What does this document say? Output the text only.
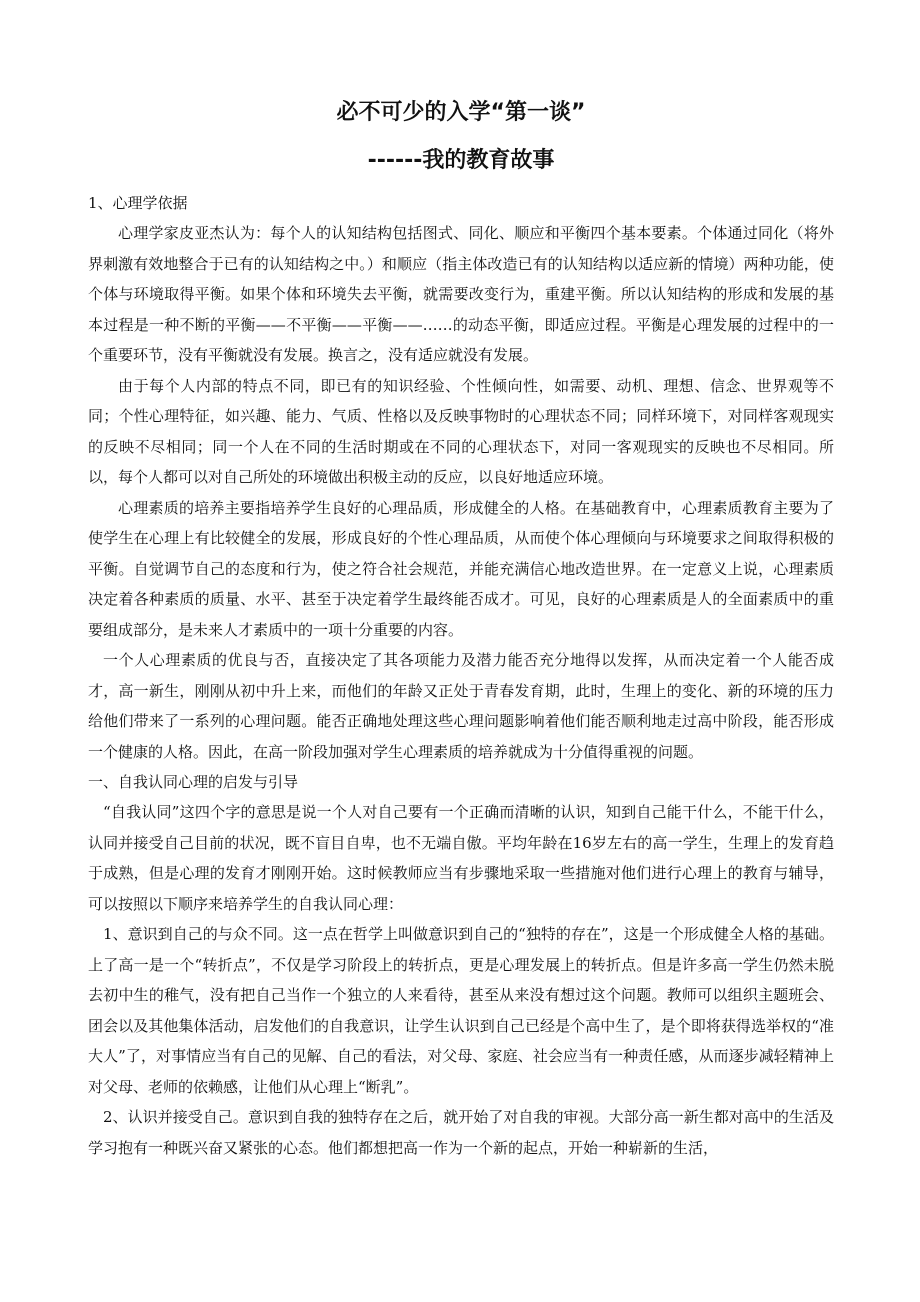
必不可少的入学“第一谈”
------我的教育故事

1、心理学依据

心理学家皮亚杰认为：每个人的认知结构包括图式、同化、顺应和平衡四个基本要素。个体通过同化（将外界刺激有效地整合于已有的认知结构之中。）和顺应（指主体改造已有的认知结构以适应新的情境）两种功能，使个体与环境取得平衡。如果个体和环境失去平衡，就需要改变行为，重建平衡。所以认知结构的形成和发展的基本过程是一种不断的平衡——不平衡——平衡——……的动态平衡，即适应过程。平衡是心理发展的过程中的一个重要环节，没有平衡就没有发展。换言之，没有适应就没有发展。

由于每个人内部的特点不同，即已有的知识经验、个性倾向性，如需要、动机、理想、信念、世界观等不同；个性心理特征，如兴趣、能力、气质、性格以及反映事物时的心理状态不同；同样环境下，对同样客观现实的反映不尽相同；同一个人在不同的生活时期或在不同的心理状态下，对同一客观现实的反映也不尽相同。所以，每个人都可以对自己所处的环境做出积极主动的反应，以良好地适应环境。

心理素质的培养主要指培养学生良好的心理品质，形成健全的人格。在基础教育中，心理素质教育主要为了使学生在心理上有比较健全的发展，形成良好的个性心理品质，从而使个体心理倾向与环境要求之间取得积极的平衡。自觉调节自己的态度和行为，使之符合社会规范，并能充满信心地改造世界。在一定意义上说，心理素质决定着各种素质的质量、水平、甚至于决定着学生最终能否成才。可见，良好的心理素质是人的全面素质中的重要组成部分，是未来人才素质中的一项十分重要的内容。

一个人心理素质的优良与否，直接决定了其各项能力及潜力能否充分地得以发挥，从而决定着一个人能否成才，高一新生，刚刚从初中升上来，而他们的年龄又正处于青春发育期，此时，生理上的变化、新的环境的压力给他们带来了一系列的心理问题。能否正确地处理这些心理问题影响着他们能否顺利地走过高中阶段，能否形成一个健康的人格。因此，在高一阶段加强对学生心理素质的培养就成为十分值得重视的问题。

一、自我认同心理的启发与引导

“自我认同”这四个字的意思是说一个人对自己要有一个正确而清晰的认识，知到自己能干什么，不能干什么，认同并接受自己目前的状况，既不盲目自卑，也不无端自傲。平均年龄在16岁左右的高一学生，生理上的发育趋于成熟，但是心理的发育才刚刚开始。这时候教师应当有步骤地采取一些措施对他们进行心理上的教育与辅导，可以按照以下顺序来培养学生的自我认同心理：

1、意识到自己的与众不同。这一点在哲学上叫做意识到自己的“独特的存在”，这是一个形成健全人格的基础。上了高一是一个“转折点”，不仅是学习阶段上的转折点，更是心理发展上的转折点。但是许多高一学生仍然未脱去初中生的稚气，没有把自己当作一个独立的人来看待，甚至从来没有想过这个问题。教师可以组织主题班会、团会以及其他集体活动，启发他们的自我意识，让学生认识到自己已经是个高中生了，是个即将获得选举权的“准大人”了，对事情应当有自己的见解、自己的看法，对父母、家庭、社会应当有一种责任感，从而逐步减轻精神上对父母、老师的依赖感，让他们从心理上“断乳”。

2、认识并接受自己。意识到自我的独特存在之后，就开始了对自我的审视。大部分高一新生都对高中的生活及学习抱有一种既兴奋又紧张的心态。他们都想把高一作为一个新的起点，开始一种崭新的生活，
